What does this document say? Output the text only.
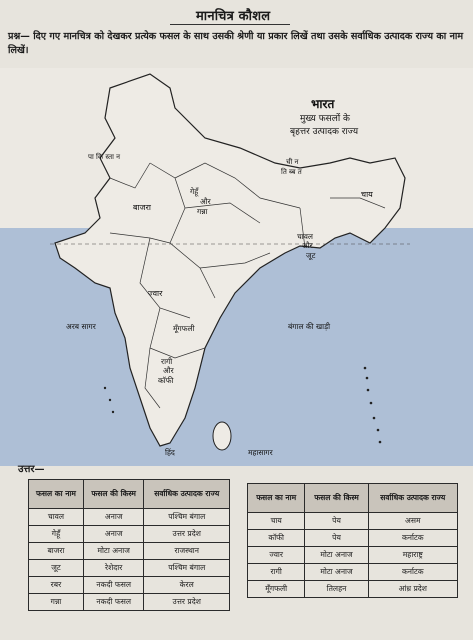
मानचित्र कौशल
प्रश्न— दिए गए मानचित्र को देखकर प्रत्येक फसल के साथ उसकी श्रेणी या प्रकार लिखें तथा उसके सर्वाधिक उत्पादक राज्य का नाम लिखें।
भारत
मुख्य फसलों के
बृहत्तर उत्पादक राज्य
पा कि स्ता न
ची न
ति ब्ब त
बाजरा
गेहूँ
और
गन्ना
चाय
चावल
और
जूट
ज्वार
अरब सागर	बंगाल की खाड़ी
मूँगफली
रागी
और
कॉफी
हिंद	महासागर
उत्तर—
फसल का नाम	फसल की किस्म	सर्वाधिक उत्पादक राज्य
चावल	अनाज	पश्चिम बंगाल
गेहूँ	अनाज	उत्तर प्रदेश
बाजरा	मोटा अनाज	राजस्थान
जूट	रेशेदार	पश्चिम बंगाल
रबर	नकदी फसल	केरल
गन्ना	नकदी फसल	उत्तर प्रदेश
फसल का नाम	फसल की किस्म	सर्वाधिक उत्पादक राज्य
चाय	पेय	असम
कॉफी	पेय	कर्नाटक
ज्वार	मोटा अनाज	महाराष्ट्र
रागी	मोटा अनाज	कर्नाटक
मूँगफली	तिलहन	आंध्र प्रदेश
